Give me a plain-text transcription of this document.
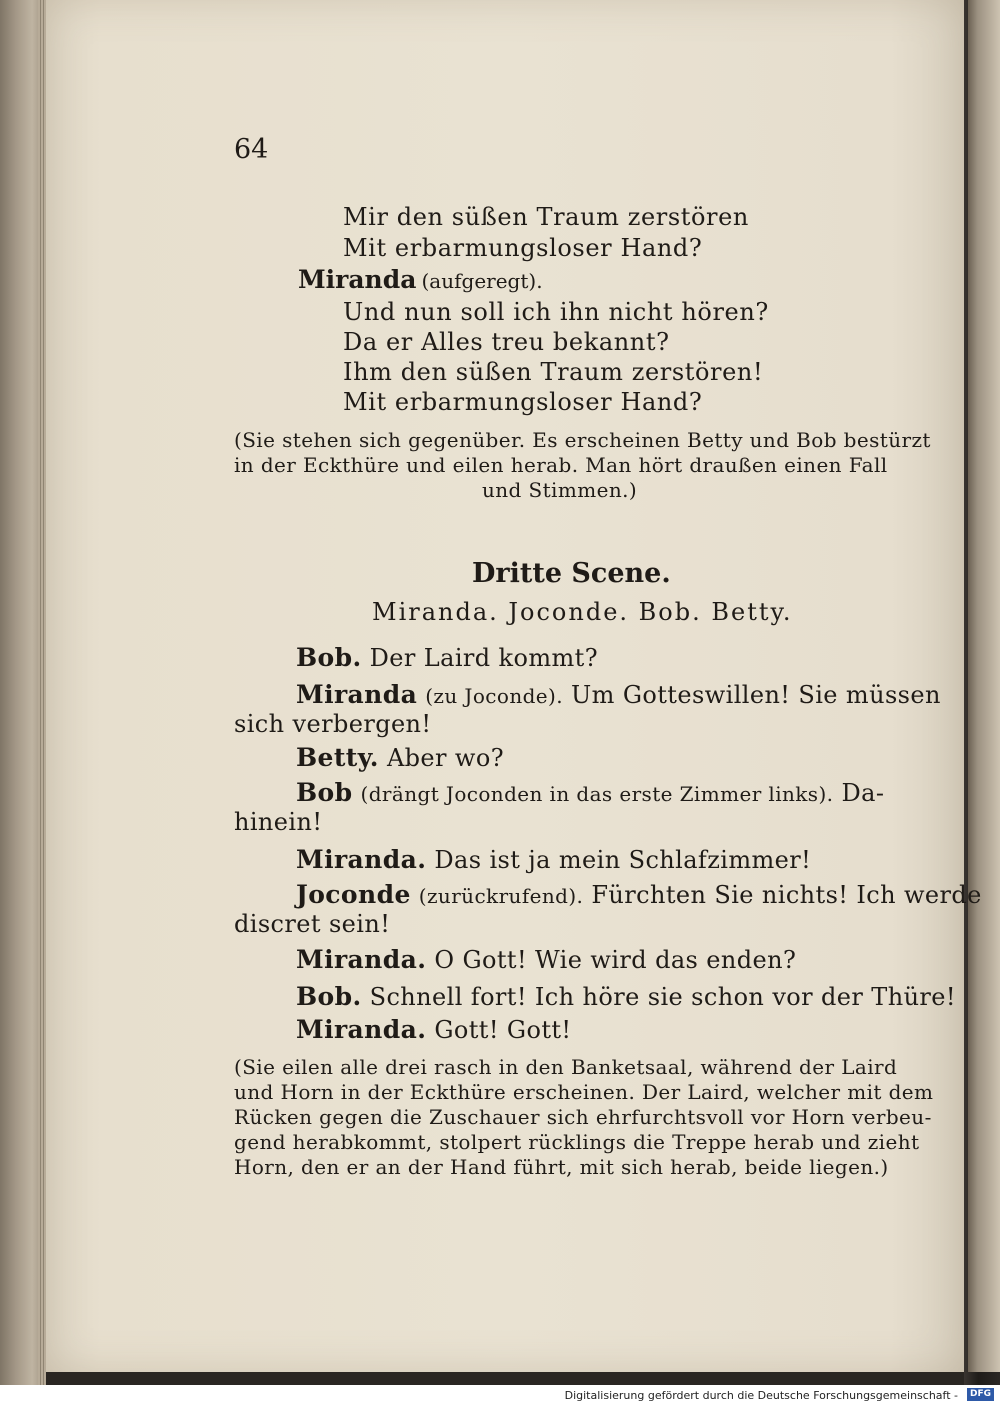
64
Mir den süßen Traum zerstören
Mit erbarmungsloser Hand?
Miranda (aufgeregt).
Und nun soll ich ihn nicht hören?
Da er Alles treu bekannt?
Ihm den süßen Traum zerstören!
Mit erbarmungsloser Hand?
(Sie stehen sich gegenüber. Es erscheinen Betty und Bob bestürzt
in der Eckthüre und eilen herab. Man hört draußen einen Fall
und Stimmen.)
Dritte Scene.
Miranda. Joconde. Bob. Betty.
Bob. Der Laird kommt?
Miranda (zu Joconde). Um Gotteswillen! Sie müssen
sich verbergen!
Betty. Aber wo?
Bob (drängt Joconden in das erste Zimmer links). Da-
hinein!
Miranda. Das ist ja mein Schlafzimmer!
Joconde (zurückrufend). Fürchten Sie nichts! Ich werde
discret sein!
Miranda. O Gott! Wie wird das enden?
Bob. Schnell fort! Ich höre sie schon vor der Thüre!
Miranda. Gott! Gott!
(Sie eilen alle drei rasch in den Banketsaal, während der Laird
und Horn in der Eckthüre erscheinen. Der Laird, welcher mit dem
Rücken gegen die Zuschauer sich ehrfurchtsvoll vor Horn verbeu-
gend herabkommt, stolpert rücklings die Treppe herab und zieht
Horn, den er an der Hand führt, mit sich herab, beide liegen.)
Digitalisierung gefördert durch die Deutsche Forschungsgemeinschaft -	DFG
